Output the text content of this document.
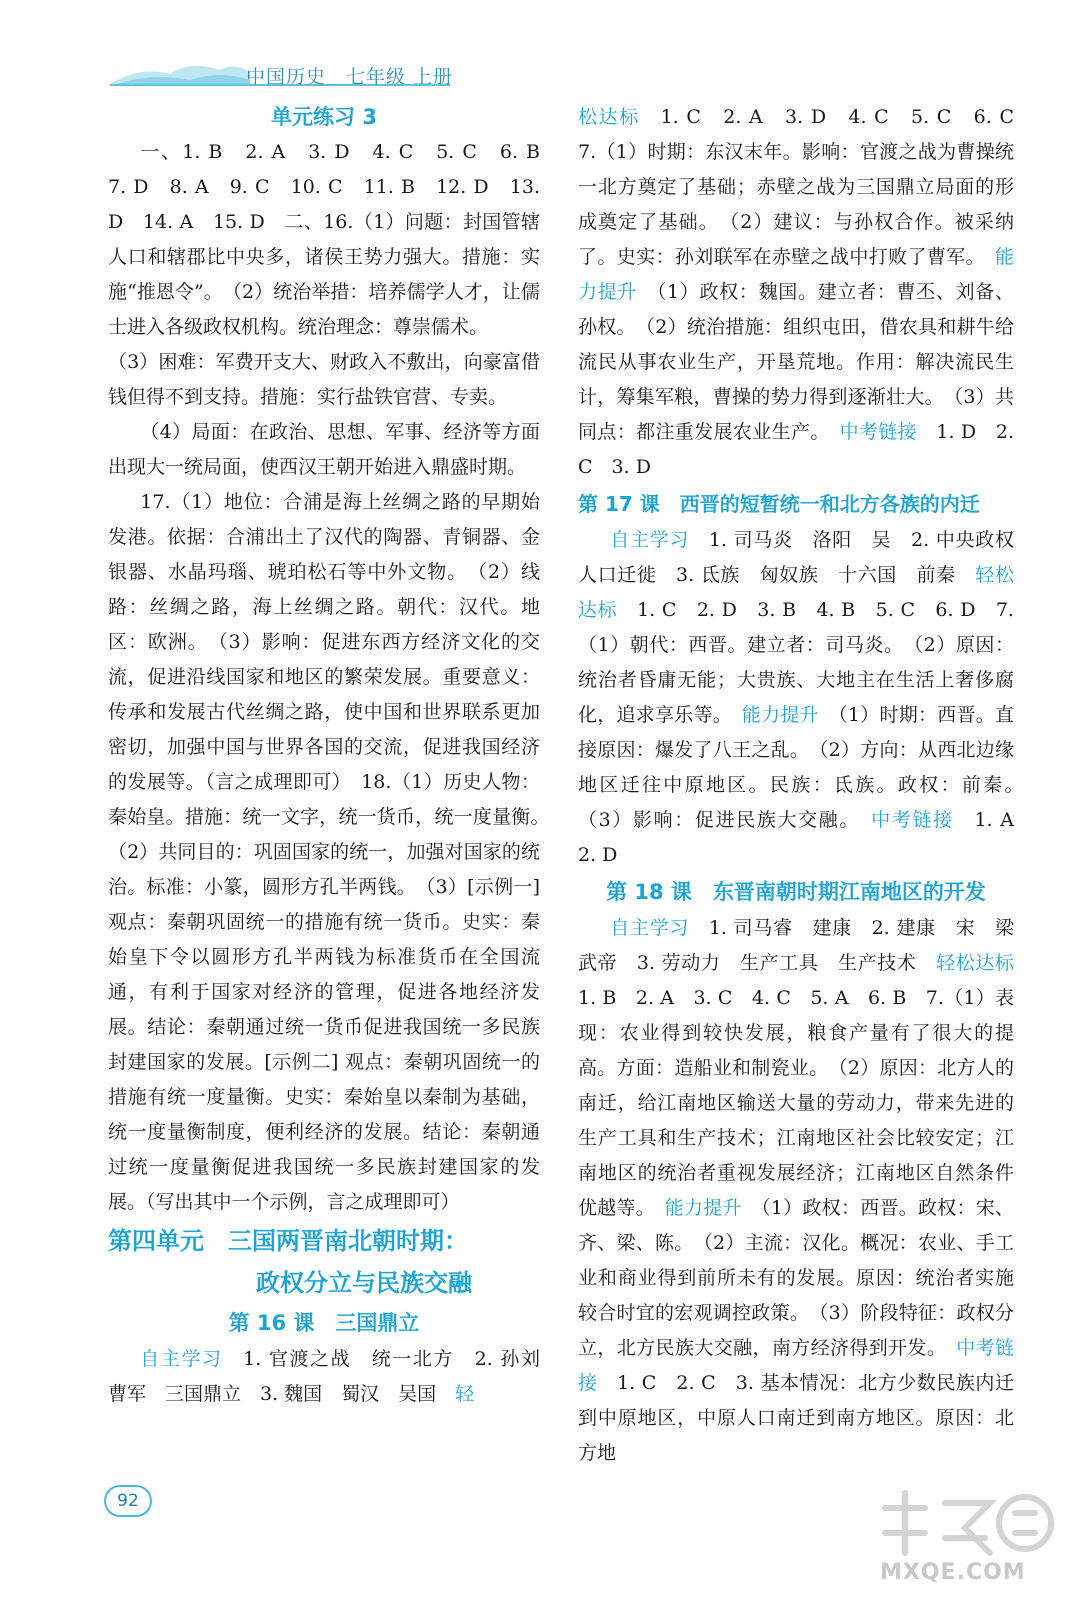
中国历史　七年级 上册
单元练习 3

一、1. B　2. A　3. D　4. C　5. C　6. B　7. D　8. A　9. C　10. C　11. B　12. D　13. D　14. A　15. D　二、16.（1）问题：封国管辖人口和辖郡比中央多，诸侯王势力强大。措施：实施“推恩令”。　（2）统治举措：培养儒学人才，让儒士进入各级政权机构。统治理念：尊崇儒术。

（3）困难：军费开支大、财政入不敷出，向豪富借钱但得不到支持。措施：实行盐铁官营、专卖。

（4）局面：在政治、思想、军事、经济等方面出现大一统局面，使西汉王朝开始进入鼎盛时期。

17.（1）地位：合浦是海上丝绸之路的早期始发港。依据：合浦出土了汉代的陶器、青铜器、金银器、水晶玛瑙、琥珀松石等中外文物。　（2）线路：丝绸之路，海上丝绸之路。朝代：汉代。地区：欧洲。　（3）影响：促进东西方经济文化的交流，促进沿线国家和地区的繁荣发展。重要意义：传承和发展古代丝绸之路，使中国和世界联系更加密切，加强中国与世界各国的交流，促进我国经济的发展等。（言之成理即可）　18.（1）历史人物：秦始皇。措施：统一文字，统一货币，统一度量衡。　（2）共同目的：巩固国家的统一，加强对国家的统治。标准：小篆，圆形方孔半两钱。　（3）[示例一] 观点：秦朝巩固统一的措施有统一货币。史实：秦始皇下令以圆形方孔半两钱为标准货币在全国流通，有利于国家对经济的管理，促进各地经济发展。结论：秦朝通过统一货币促进我国统一多民族封建国家的发展。[示例二] 观点：秦朝巩固统一的措施有统一度量衡。史实：秦始皇以秦制为基础，统一度量衡制度，便利经济的发展。结论：秦朝通过统一度量衡促进我国统一多民族封建国家的发展。（写出其中一个示例，言之成理即可）

第四单元　三国两晋南北朝时期：
政权分立与民族交融
第 16 课　三国鼎立

自主学习　 1. 官渡之战　统一北方　2. 孙刘　曹军　三国鼎立　3. 魏国　蜀汉　吴国　轻

松达标　 1. C　2. A　3. D　4. C　5. C　6. C　7.（1）时期：东汉末年。影响：官渡之战为曹操统一北方奠定了基础；赤壁之战为三国鼎立局面的形成奠定了基础。　（2）建议：与孙权合作。被采纳了。史实：孙刘联军在赤壁之战中打败了曹军。　 能力提升　 （1）政权：魏国。建立者：曹丕、刘备、孙权。　（2）统治措施：组织屯田，借农具和耕牛给流民从事农业生产，开垦荒地。作用：解决流民生计，筹集军粮，曹操的势力得到逐渐壮大。　（3）共同点：都注重发展农业生产。　 中考链接　 1. D　2. C　3. D

第 17 课　西晋的短暂统一和北方各族的内迁

自主学习　 1. 司马炎　洛阳　吴　2. 中央政权　人口迁徙　3. 氐族　匈奴族　十六国　前秦　 轻松达标　 1. C　2. D　3. B　4. B　5. C　6. D　7.（1）朝代：西晋。建立者：司马炎。　（2）原因：统治者昏庸无能；大贵族、大地主在生活上奢侈腐化，追求享乐等。　 能力提升　 （1）时期：西晋。直接原因：爆发了八王之乱。　（2）方向：从西北边缘地区迁往中原地区。民族：氐族。政权：前秦。　（3）影响：促进民族大交融。　 中考链接　 1. A　2. D

第 18 课　东晋南朝时期江南地区的开发

自主学习　 1. 司马睿　建康　2. 建康　宋　梁武帝　3. 劳动力　生产工具　生产技术　轻松达标　1. B　2. A　3. C　4. C　5. A　6. B　7.（1）表现：农业得到较快发展，粮食产量有了很大的提高。方面：造船业和制瓷业。　（2）原因：北方人的南迁，给江南地区输送大量的劳动力，带来先进的生产工具和生产技术；江南地区社会比较安定；江南地区的统治者重视发展经济；江南地区自然条件优越等。　 能力提升　 （1）政权：西晋。政权：宋、齐、梁、陈。　（2）主流：汉化。概况：农业、手工业和商业得到前所未有的发展。原因：统治者实施较合时宜的宏观调控政策。　（3）阶段特征：政权分立，北方民族大交融，南方经济得到开发。　 中考链接　 1. C　2. C　3. 基本情况：北方少数民族内迁到中原地区，中原人口南迁到南方地区。原因：北方地

92
MXQE.COM
